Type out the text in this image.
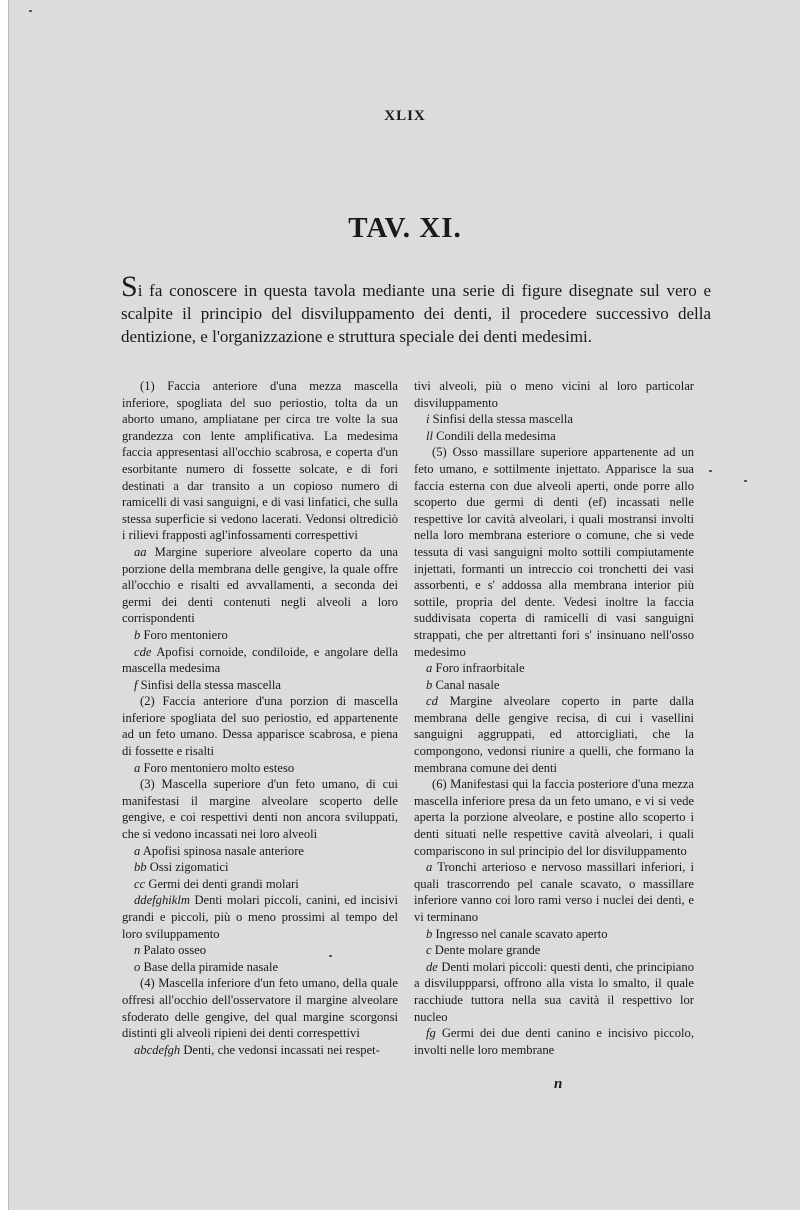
XLIX
TAV. XI.
Si fa conoscere in questa tavola mediante una serie di figure disegnate sul vero e scalpite il principio del disviluppamento dei denti, il procedere successivo della dentizione, e l'organizzazione e struttura speciale dei denti medesimi.

(1) Faccia anteriore d'una mezza mascella inferiore, spogliata del suo periostio, tolta da un aborto umano, ampliatane per circa tre volte la sua grandezza con lente amplificativa. La medesima faccia appresentasi all'occhio scabrosa, e coperta d'un esorbitante numero di fossette solcate, e di fori destinati a dar transito a un copioso numero di ramicelli di vasi sanguigni, e di vasi linfatici, che sulla stessa superficie si vedono lacerati. Vedonsi oltredicìò i rilievi frapposti agl'infossamenti correspettivi

aa Margine superiore alveolare coperto da una porzione della membrana delle gengive, la quale offre all'occhio e risalti ed avvallamenti, a seconda dei germi dei denti contenuti negli alveoli a loro corrispondenti

b Foro mentoniero

cde Apofisi cornoide, condiloide, e angolare della mascella medesima

f Sinfisi della stessa mascella

(2) Faccia anteriore d'una porzion di mascella inferiore spogliata del suo periostio, ed appartenente ad un feto umano. Dessa apparisce scabrosa, e piena di fossette e risalti

a Foro mentoniero molto esteso

(3) Mascella superiore d'un feto umano, di cui manifestasi il margine alveolare scoperto delle gengive, e coi respettivi denti non ancora sviluppati, che si vedono incassati nei loro alveoli

a Apofisi spinosa nasale anteriore

bb Ossi zigomatici

cc Germi dei denti grandi molari

ddefghiklm Denti molari piccoli, canini, ed incisivi grandi e piccoli, più o meno prossimi al tempo del loro sviluppamento

n Palato osseo

o Base della piramide nasale

(4) Mascella inferiore d'un feto umano, della quale offresi all'occhio dell'osservatore il margine alveolare sfoderato delle gengive, del qual margine scorgonsi distinti gli alveoli ripieni dei denti correspettivi

abcdefgh Denti, che vedonsi incassati nei respet-

tivi alveoli, più o meno vicini al loro particolar disviluppamento

i Sinfisi della stessa mascella

ll Condili della medesima

(5) Osso massillare superiore appartenente ad un feto umano, e sottilmente injettato. Apparisce la sua faccia esterna con due alveoli aperti, onde porre allo scoperto due germi di denti (ef) incassati nelle respettive lor cavità alveolari, i quali mostransi involti nella loro membrana esteriore o comune, che si vede tessuta di vasi sanguigni molto sottili compiutamente injettati, formanti un intreccio coi tronchetti dei vasi assorbenti, e s' addossa alla membrana interior più sottile, propria del dente. Vedesi inoltre la faccia suddivisata coperta di ramicelli di vasi sanguigni strappati, che per altrettanti fori s' insinuano nell'osso medesimo

a Foro infraorbitale

b Canal nasale

cd Margine alveolare coperto in parte dalla membrana delle gengive recisa, di cui i vasellini sanguigni aggruppati, ed attorcigliati, che la compongono, vedonsi riunire a quelli, che formano la membrana comune dei denti

(6) Manifestasi qui la faccia posteriore d'una mezza mascella inferiore presa da un feto umano, e vi si vede aperta la porzione alveolare, e postine allo scoperto i denti situati nelle respettive cavità alveolari, i quali compariscono in sul principio del lor disviluppamento

a Tronchi arterioso e nervoso massillari inferiori, i quali trascorrendo pel canale scavato, o massillare inferiore vanno coi loro rami verso i nuclei dei denti, e vi terminano

b Ingresso nel canale scavato aperto

c Dente molare grande

de Denti molari piccoli: questi denti, che principiano a disviluppparsi, offrono alla vista lo smalto, il quale racchiude tuttora nella sua cavità il respettivo lor nucleo

fg Germi dei due denti canino e incisivo piccolo, involti nelle loro membrane

n
